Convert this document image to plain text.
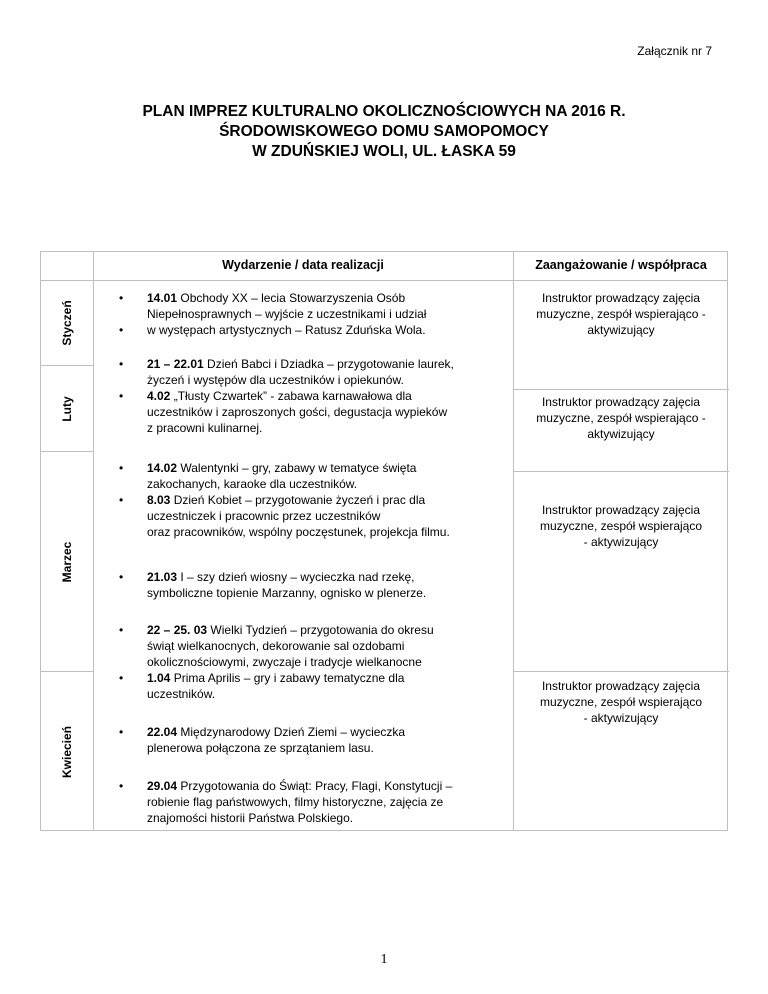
Załącznik nr 7
PLAN IMPREZ KULTURALNO OKOLICZNOŚCIOWYCH NA 2016 R.
ŚRODOWISKOWEGO DOMU SAMOPOMOCY
W ZDUŃSKIEJ WOLI, UL. ŁASKA 59
Wydarzenie / data realizacji	Zaangażowanie / współpraca
Styczeń
Luty
Marzec
Kwiecień
• 14.01 Obchody XX – lecia Stowarzyszenia Osób

Niepełnosprawnych – wyjście z uczestnikami i udział

• w występach artystycznych – Ratusz Zduńska Wola.

• 21 – 22.01 Dzień Babci i Dziadka – przygotowanie laurek,

życzeń i występów dla uczestników i opiekunów.

• 4.02 „Tłusty Czwartek” - zabawa karnawałowa dla

uczestników i zaproszonych gości, degustacja wypieków

z pracowni kulinarnej.

• 14.02 Walentynki – gry, zabawy w tematyce święta

zakochanych, karaoke dla uczestników.

• 8.03 Dzień Kobiet – przygotowanie życzeń i prac dla

uczestniczek i pracownic przez uczestników

oraz pracowników, wspólny poczęstunek, projekcja filmu.

• 21.03 I – szy dzień wiosny – wycieczka nad rzekę,

symboliczne topienie Marzanny, ognisko w plenerze.

• 22 – 25. 03 Wielki Tydzień – przygotowania do okresu

świąt wielkanocnych, dekorowanie sal ozdobami

okolicznościowymi, zwyczaje i tradycje wielkanocne

• 1.04 Prima Aprilis – gry i zabawy tematyczne dla

uczestników.

• 22.04 Międzynarodowy Dzień Ziemi – wycieczka

plenerowa połączona ze sprzątaniem lasu.

• 29.04 Przygotowania do Świąt: Pracy, Flagi, Konstytucji –

robienie flag państwowych, filmy historyczne, zajęcia ze

znajomości historii Państwa Polskiego.

Instruktor prowadzący zajęcia
muzyczne, zespół wspierająco -
aktywizujący
Instruktor prowadzący zajęcia
muzyczne, zespół wspierająco -
aktywizujący
Instruktor prowadzący zajęcia
muzyczne, zespół wspierająco
- aktywizujący
Instruktor prowadzący zajęcia
muzyczne, zespół wspierająco
- aktywizujący
1
